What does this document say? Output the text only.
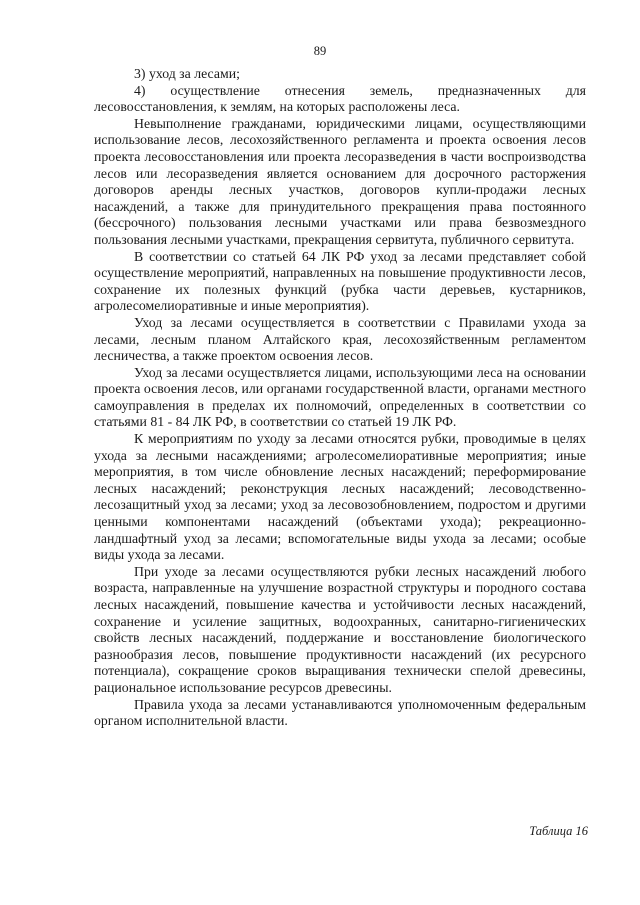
89

3) уход за лесами;

4) осуществление отнесения земель, предназначенных для лесовосстановления, к землям, на которых расположены леса.

Невыполнение гражданами, юридическими лицами, осуществляющими использование лесов, лесохозяйственного регламента и проекта освоения лесов проекта лесовосстановления или проекта лесоразведения в части воспроизводства лесов или лесоразведения является основанием для досрочного расторжения договоров аренды лесных участков, договоров купли-продажи лесных насаждений, а также для принудительного прекращения права постоянного (бессрочного) пользования лесными участками или права безвозмездного пользования лесными участками, прекращения сервитута, публичного сервитута.

В соответствии со статьей 64 ЛК РФ уход за лесами представляет собой осуществление мероприятий, направленных на повышение продуктивности лесов, сохранение их полезных функций (рубка части деревьев, кустарников, агролесомелиоративные и иные мероприятия).

Уход за лесами осуществляется в соответствии с Правилами ухода за лесами, лесным планом Алтайского края, лесохозяйственным регламентом лесничества, а также проектом освоения лесов.

Уход за лесами осуществляется лицами, использующими леса на основании проекта освоения лесов, или органами государственной власти, органами местного самоуправления в пределах их полномочий, определенных в соответствии со статьями 81 - 84 ЛК РФ, в соответствии со статьей 19 ЛК РФ.

К мероприятиям по уходу за лесами относятся рубки, проводимые в целях ухода за лесными насаждениями; агролесомелиоративные мероприятия; иные мероприятия, в том числе обновление лесных насаждений; переформирование лесных насаждений; реконструкция лесных насаждений; лесоводственно-лесозащитный уход за лесами; уход за лесовозобновлением, подростом и другими ценными компонентами насаждений (объектами ухода); рекреационно-ландшафтный уход за лесами; вспомогательные виды ухода за лесами; особые виды ухода за лесами.

При уходе за лесами осуществляются рубки лесных насаждений любого возраста, направленные на улучшение возрастной структуры и породного состава лесных насаждений, повышение качества и устойчивости лесных насаждений, сохранение и усиление защитных, водоохранных, санитарно-гигиенических свойств лесных насаждений, поддержание и восстановление биологического разнообразия лесов, повышение продуктивности насаждений (их ресурсного потенциала), сокращение сроков выращивания технически спелой древесины, рациональное использование ресурсов древесины.

Правила ухода за лесами устанавливаются уполномоченным федеральным органом исполнительной власти.

Таблица 16
